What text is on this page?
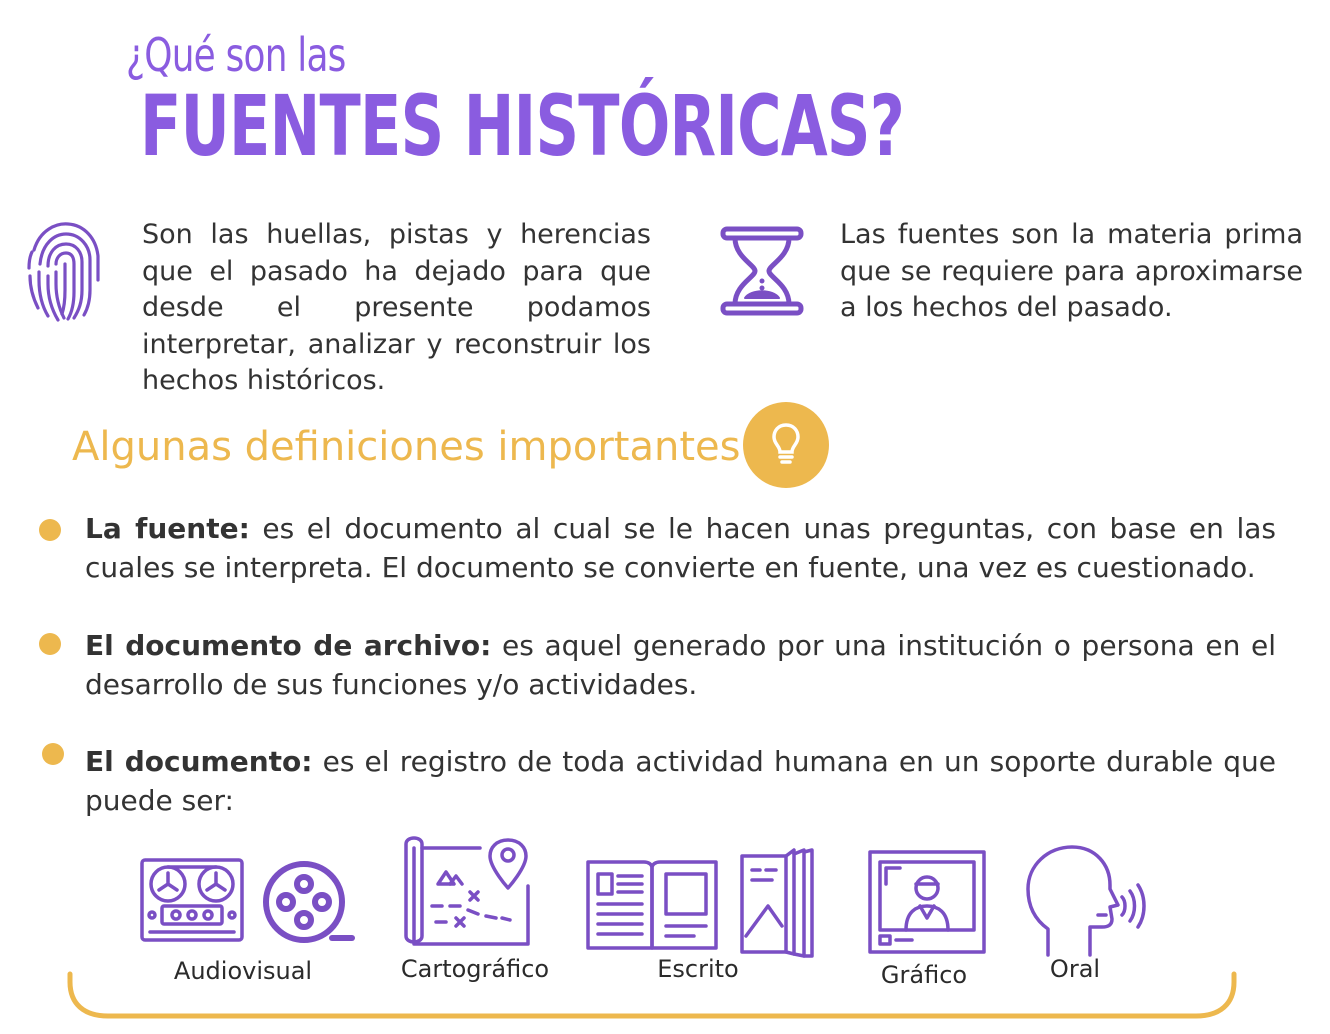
¿Qué son las
FUENTES HISTÓRICAS?
Son las huellas, pistas y herencias que el pasado ha dejado para que desde el presente podamos interpretar, analizar y reconstruir los hechos históricos.
Las fuentes son la materia prima que se requiere para aproximarse a los hechos del pasado.
Algunas definiciones importantes
La fuente: es el documento al cual se le hacen unas preguntas, con base en las cuales se interpreta. El documento se convierte en fuente, una vez es cuestionado.
El documento de archivo: es aquel generado por una institución o persona en el desarrollo de sus funciones y/o actividades.
El documento: es el registro de toda actividad humana en un soporte durable que puede ser:
Audiovisual	Cartográfico	Escrito	Gráfico	Oral
